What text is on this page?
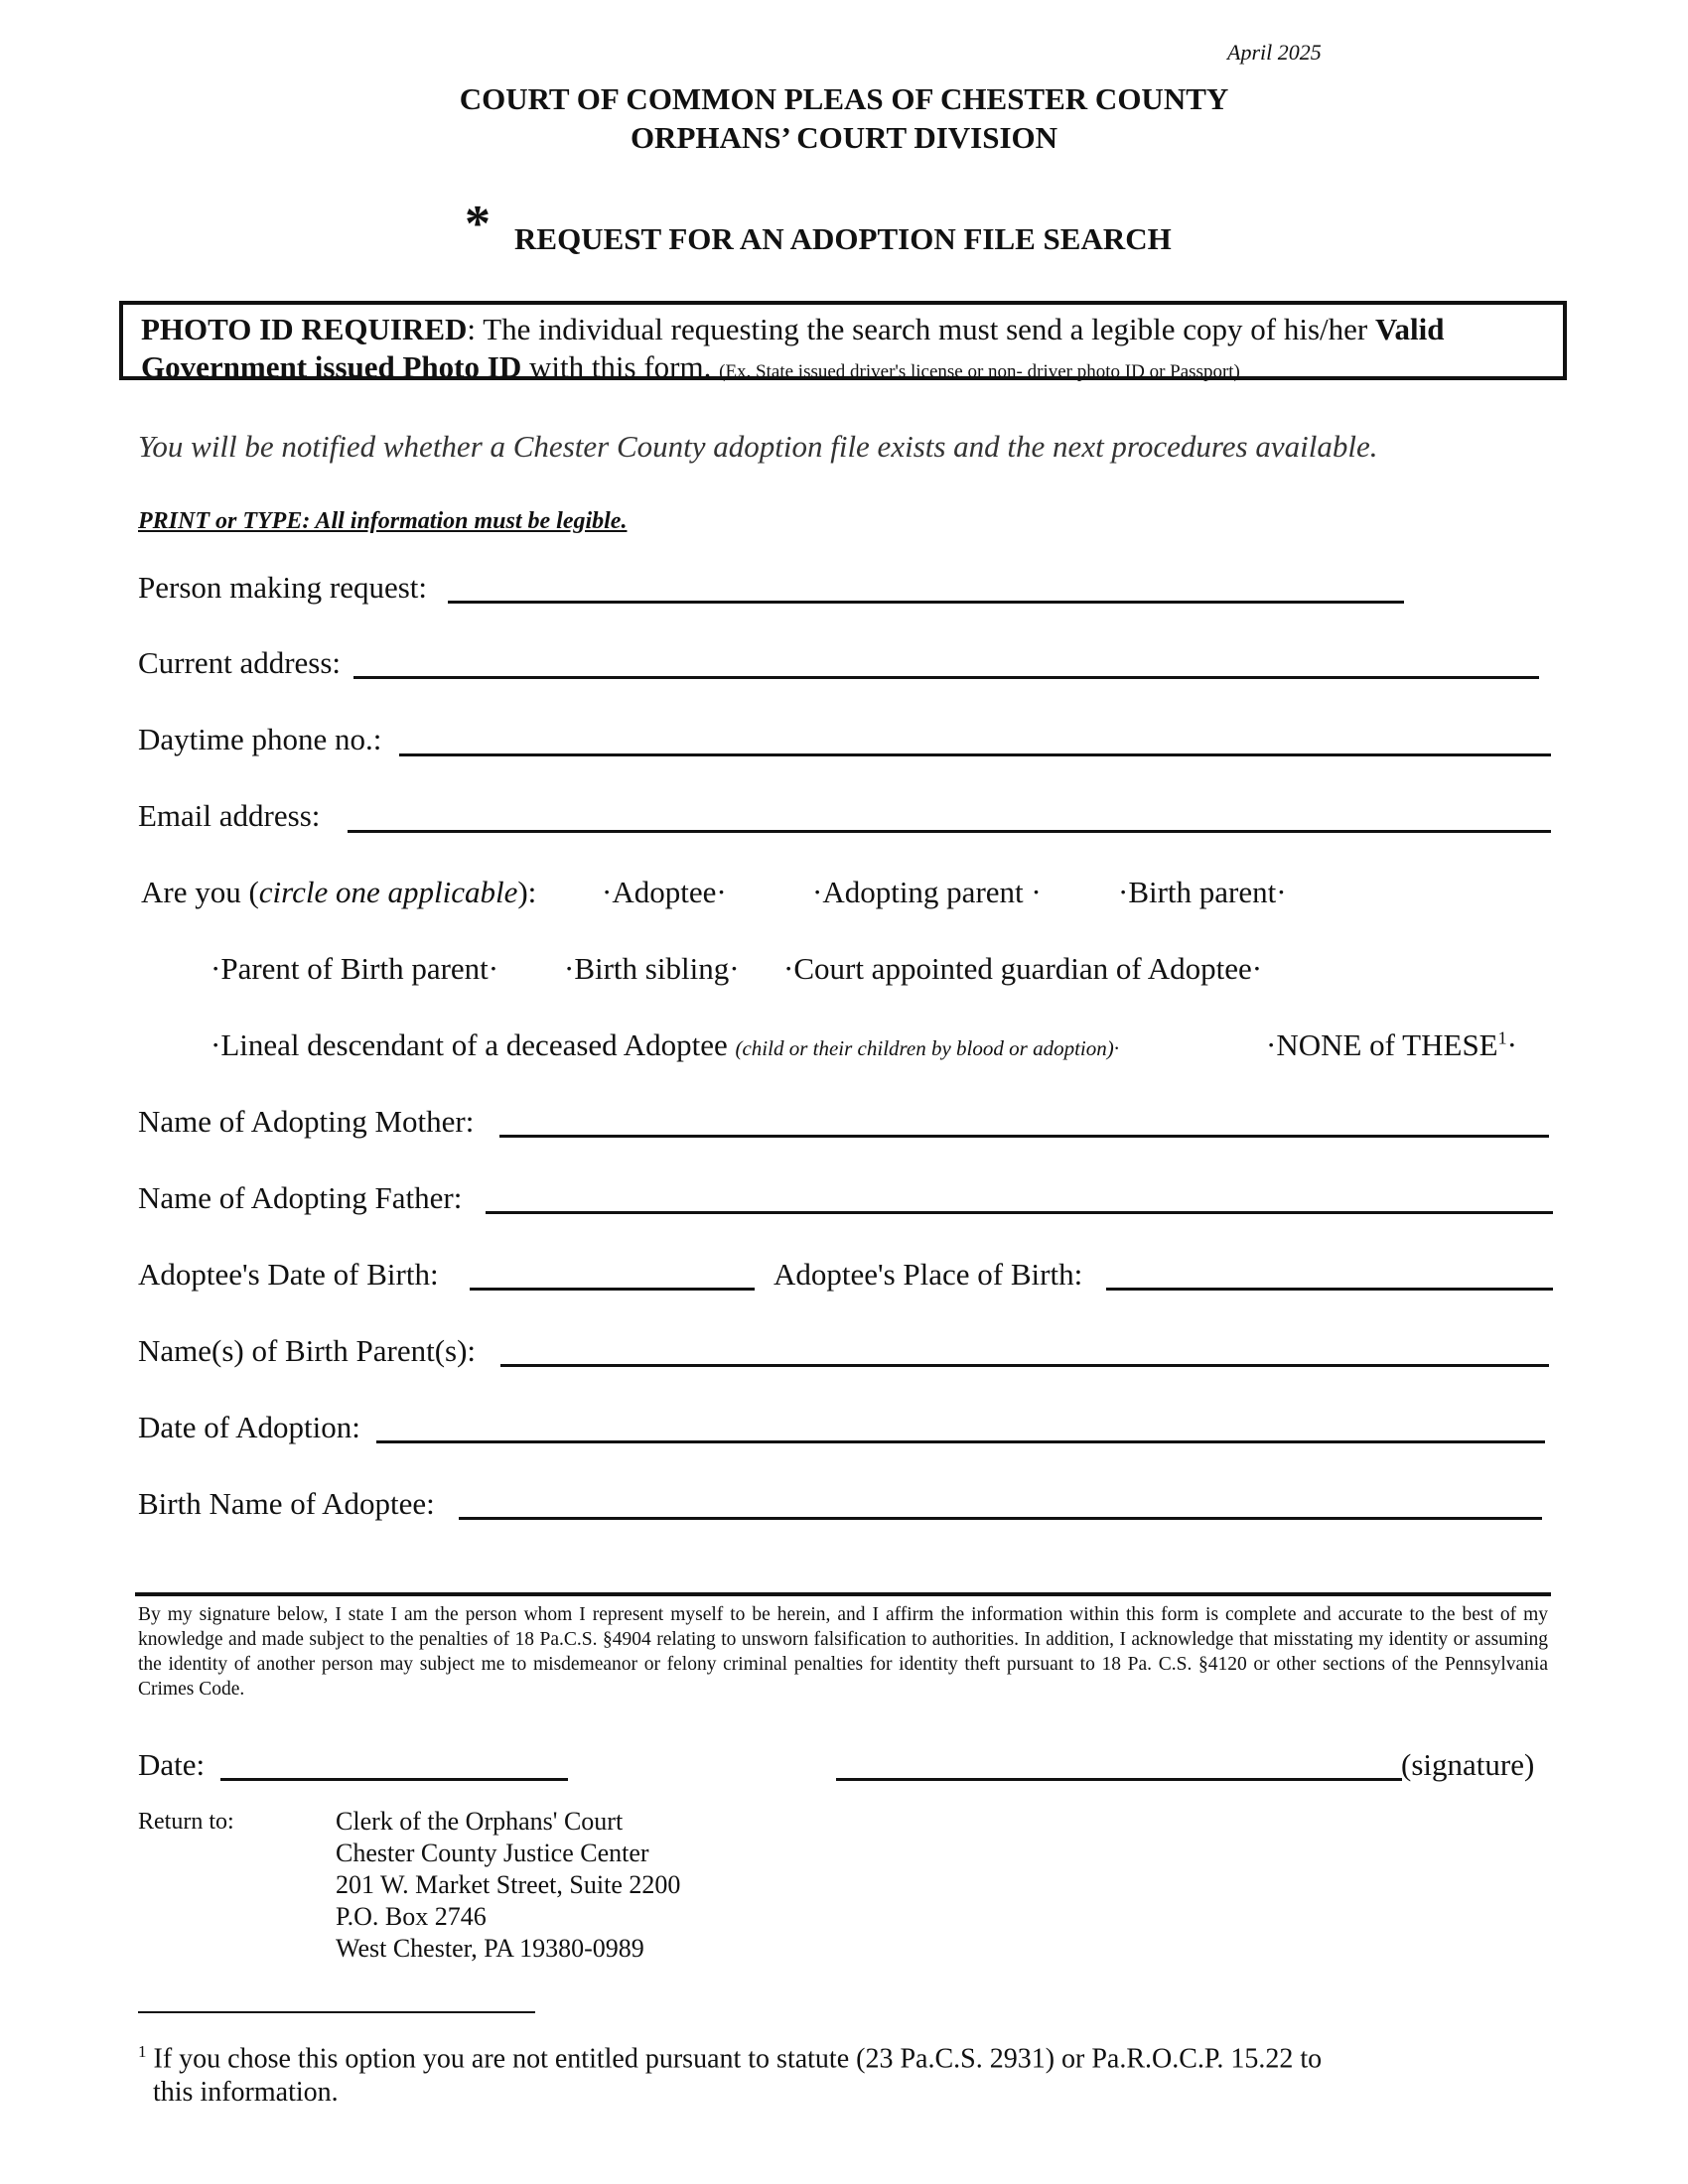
April 2025
COURT OF COMMON PLEAS OF CHESTER COUNTY
ORPHANS’ COURT DIVISION
* REQUEST FOR AN ADOPTION FILE SEARCH
PHOTO ID REQUIRED: The individual requesting the search must send a legible copy of his/her Valid
Government issued Photo ID with this form. (Ex. State issued driver's license or non- driver photo ID or Passport)
You will be notified whether a Chester County adoption file exists and the next procedures available.
PRINT or TYPE: All information must be legible.
Person making request:
Current address:
Daytime phone no.:
Email address:
Are you (circle one applicable): ·Adoptee·	·Adopting parent · ·Birth parent·
·Parent of Birth parent· ·Birth sibling· ·Court appointed guardian of Adoptee·
·Lineal descendant of a deceased Adoptee (child or their children by blood or adoption)·	·NONE of $THESE^1\cdot$
Name of Adopting Mother:
Name of Adopting Father:
Adoptee's Date of Birth:	Adoptee's Place of Birth:
Name(s) of Birth Parent(s):
Date of Adoption:
Birth Name of Adoptee:
By my signature below, I state I am the person whom I represent myself to be herein, and I affirm the information within this form is complete and accurate to the best of my knowledge and made subject to the penalties of 18 Pa.C.S. §4904 relating to unsworn falsification to authorities. In addition, I acknowledge that misstating my identity or assuming the identity of another person may subject me to misdemeanor or felony criminal penalties for identity theft pursuant to 18 Pa. C.S. §4120 or other sections of the Pennsylvania Crimes Code.
Date:	(signature)
Return to:	Clerk of the Orphans' Court
Chester County Justice Center
201 W. Market Street, Suite 2200
P.O. Box 2746
West Chester, PA 19380-0989
$^1$ If you chose this option you are not entitled pursuant to statute (23 Pa.C.S. 2931) or Pa.R.O.C.P. 15.22 to
this information.
